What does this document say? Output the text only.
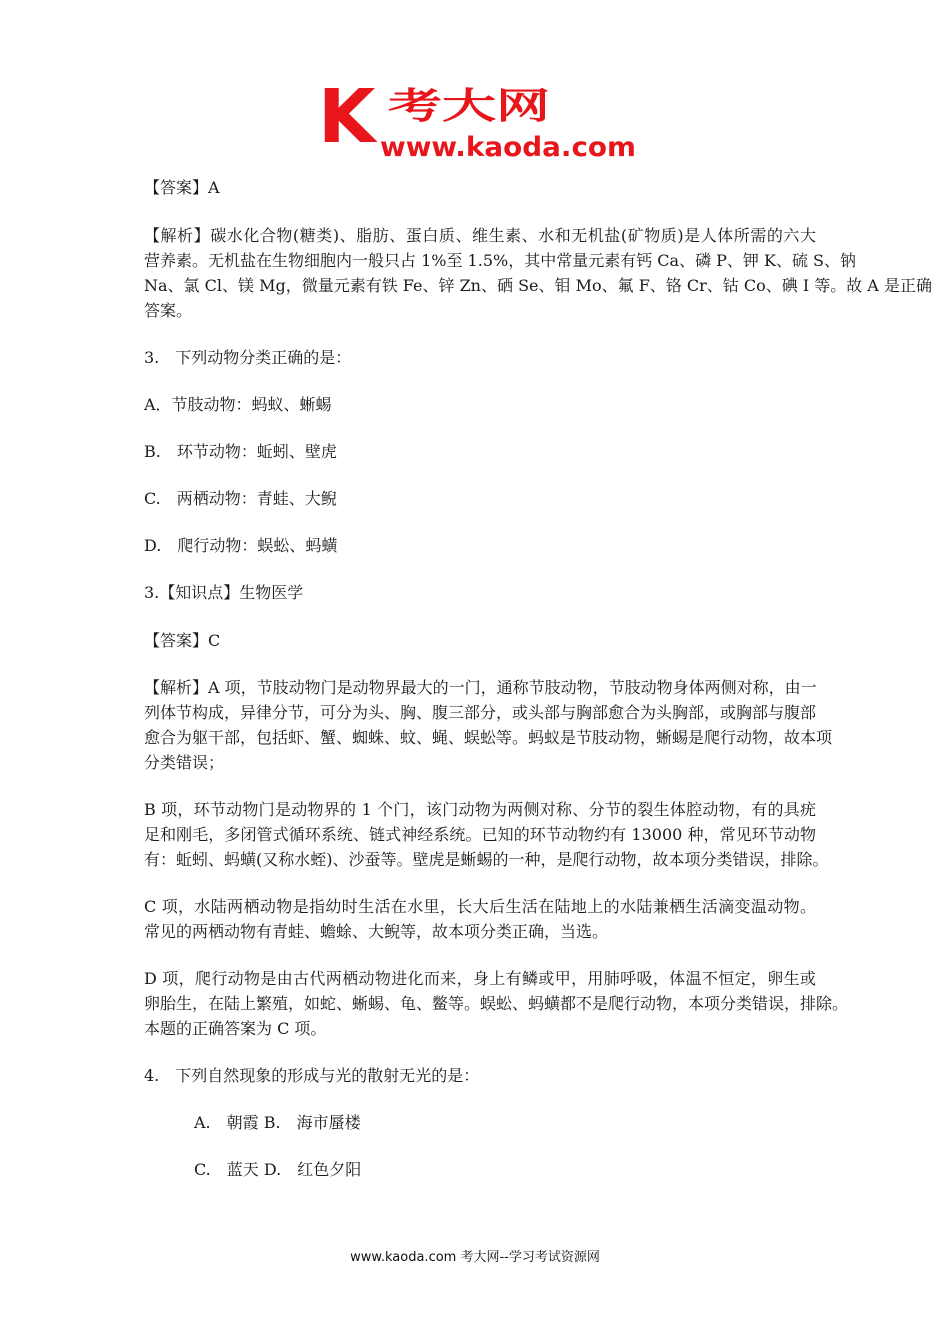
K 考大网
www.kaoda.com

【答案】A

【解析】碳水化合物(糖类)、脂肪、蛋白质、维生素、水和无机盐(矿物质)是人体所需的六大
营养素。无机盐在生物细胞内一般只占 1%至 1.5%，其中常量元素有钙 Ca、磷 P、钾 K、硫 S、钠
Na、氯 Cl、镁 Mg，微量元素有铁 Fe、锌 Zn、硒 Se、钼 Mo、氟 F、铬 Cr、钴 Co、碘 I 等。故 A 是正确
答案。

3.　下列动物分类正确的是：

A．节肢动物：蚂蚁、蜥蜴

B.　环节动物：蚯蚓、壁虎

C.　两栖动物：青蛙、大鲵

D.　爬行动物：蜈蚣、蚂蟥

3.【知识点】生物医学

【答案】C

【解析】A 项，节肢动物门是动物界最大的一门，通称节肢动物，节肢动物身体两侧对称，由一
列体节构成，异律分节，可分为头、胸、腹三部分，或头部与胸部愈合为头胸部，或胸部与腹部
愈合为躯干部，包括虾、蟹、蜘蛛、蚊、蝇、蜈蚣等。蚂蚁是节肢动物，蜥蜴是爬行动物，故本项
分类错误；

B 项，环节动物门是动物界的 1 个门，该门动物为两侧对称、分节的裂生体腔动物，有的具疣
足和刚毛，多闭管式循环系统、链式神经系统。已知的环节动物约有 13000 种，常见环节动物
有：蚯蚓、蚂蟥(又称水蛭)、沙蚕等。壁虎是蜥蜴的一种，是爬行动物，故本项分类错误，排除。

C 项，水陆两栖动物是指幼时生活在水里，长大后生活在陆地上的水陆兼栖生活滴变温动物。
常见的两栖动物有青蛙、蟾蜍、大鲵等，故本项分类正确，当选。

D 项，爬行动物是由古代两栖动物进化而来，身上有鳞或甲，用肺呼吸，体温不恒定，卵生或
卵胎生，在陆上繁殖，如蛇、蜥蜴、龟、鳖等。蜈蚣、蚂蟥都不是爬行动物，本项分类错误，排除。
本题的正确答案为 C 项。

4.　下列自然现象的形成与光的散射无光的是：

A.　朝霞 B.　海市蜃楼

C.　蓝天 D.　红色夕阳

www.kaoda.com 考大网--学习考试资源网
